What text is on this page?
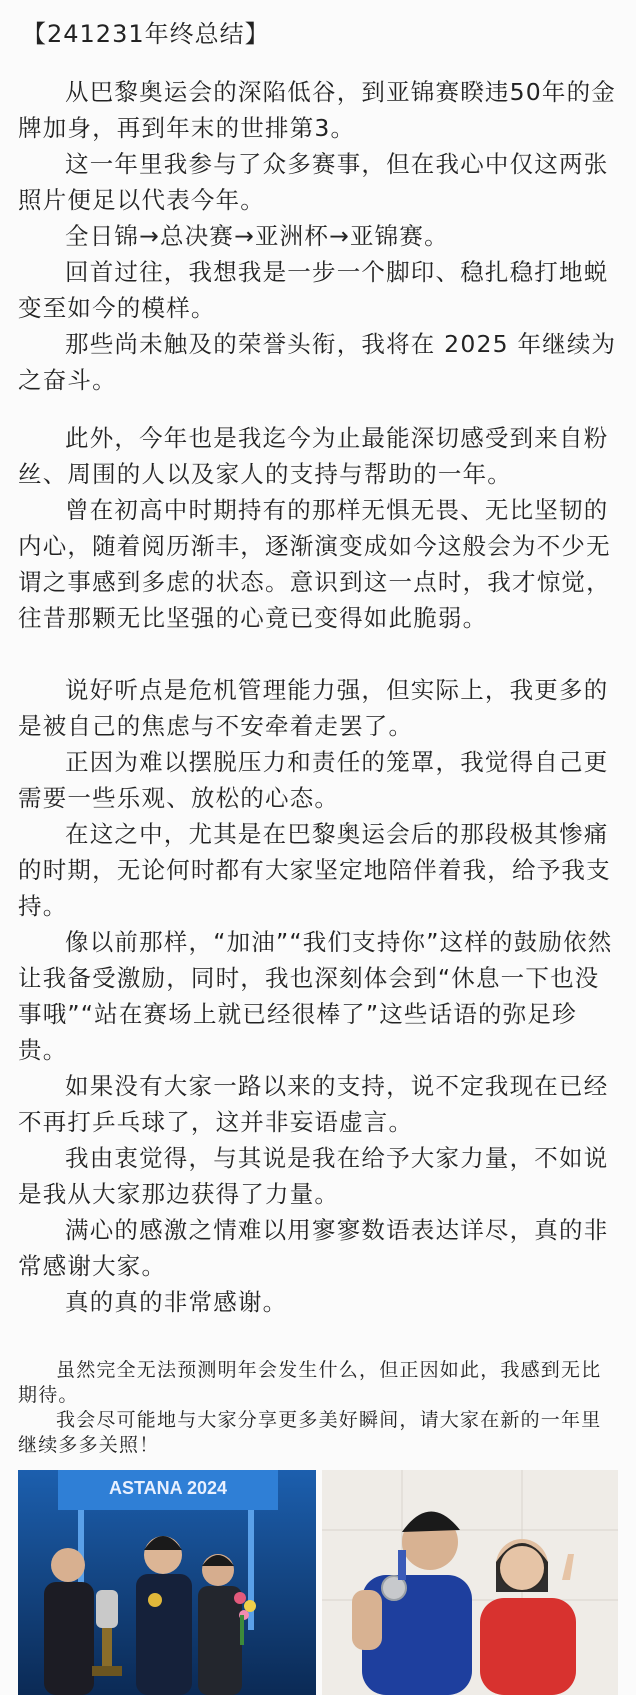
【241231年终总结】

从巴黎奥运会的深陷低谷，到亚锦赛睽违50年的金牌加身，再到年末的世排第3。

这一年里我参与了众多赛事，但在我心中仅这两张照片便足以代表今年。

全日锦→总决赛→亚洲杯→亚锦赛。

回首过往，我想我是一步一个脚印、稳扎稳打地蜕变至如今的模样。

那些尚未触及的荣誉头衔，我将在 2025 年继续为之奋斗。

此外，今年也是我迄今为止最能深切感受到来自粉丝、周围的人以及家人的支持与帮助的一年。

曾在初高中时期持有的那样无惧无畏、无比坚韧的内心，随着阅历渐丰，逐渐演变成如今这般会为不少无谓之事感到多虑的状态。意识到这一点时，我才惊觉，往昔那颗无比坚强的心竟已变得如此脆弱。

说好听点是危机管理能力强，但实际上，我更多的是被自己的焦虑与不安牵着走罢了。

正因为难以摆脱压力和责任的笼罩，我觉得自己更需要一些乐观、放松的心态。

在这之中，尤其是在巴黎奥运会后的那段极其惨痛的时期，无论何时都有大家坚定地陪伴着我，给予我支持。

像以前那样，“加油”“我们支持你”这样的鼓励依然让我备受激励，同时，我也深刻体会到“休息一下也没事哦”“站在赛场上就已经很棒了”这些话语的弥足珍贵。

如果没有大家一路以来的支持，说不定我现在已经不再打乒乓球了，这并非妄语虚言。

我由衷觉得，与其说是我在给予大家力量，不如说是我从大家那边获得了力量。

满心的感激之情难以用寥寥数语表达详尽，真的非常感谢大家。

真的真的非常感谢。

虽然完全无法预测明年会发生什么，但正因如此，我感到无比期待。

我会尽可能地与大家分享更多美好瞬间，请大家在新的一年里继续多多关照！

ASTANA 2024
